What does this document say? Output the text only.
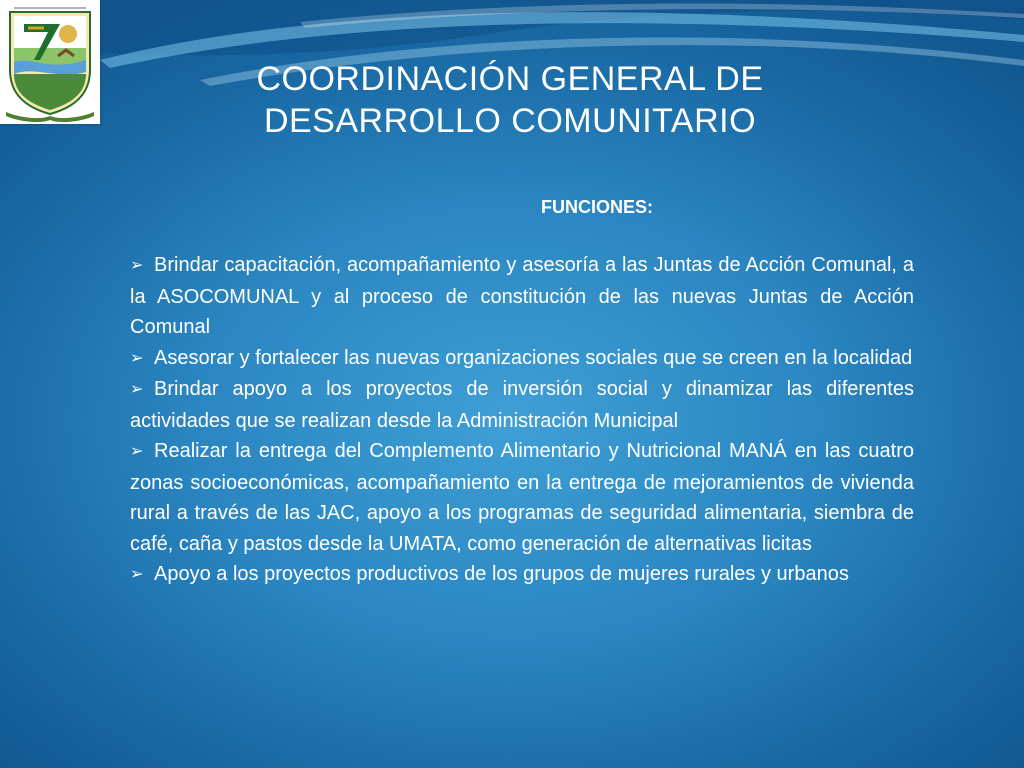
COORDINACIÓN GENERAL DE
DESARROLLO COMUNITARIO
FUNCIONES:
➢ Brindar capacitación, acompañamiento y asesoría a las Juntas de Acción Comunal, a la ASOCOMUNAL y al proceso de constitución de las nuevas Juntas de Acción Comunal
➢ Asesorar y fortalecer las nuevas organizaciones sociales que se creen en la localidad
➢ Brindar apoyo a los proyectos de inversión social y dinamizar las diferentes actividades que se realizan desde la Administración Municipal
➢ Realizar la entrega del Complemento Alimentario y Nutricional MANÁ en las cuatro zonas socioeconómicas, acompañamiento en la entrega de mejoramientos de vivienda rural a través de las JAC, apoyo a los programas de seguridad alimentaria, siembra de café, caña y pastos desde la UMATA, como generación de alternativas licitas
➢ Apoyo a los proyectos productivos de los grupos de mujeres rurales y urbanos
